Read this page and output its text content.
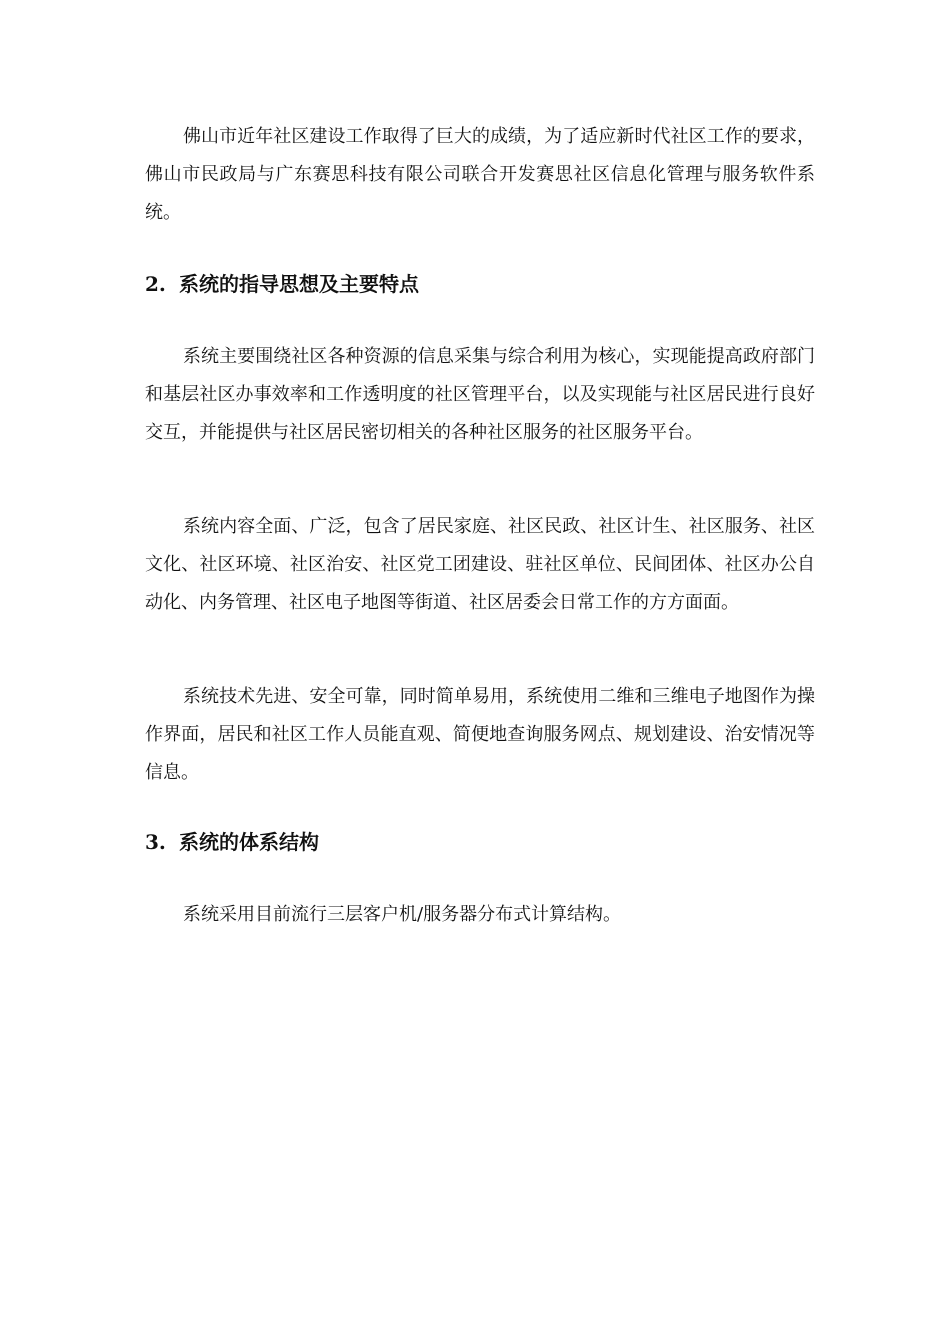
佛山市近年社区建设工作取得了巨大的成绩，为了适应新时代社区工作的要求，佛山市民政局与广东赛思科技有限公司联合开发赛思社区信息化管理与服务软件系统。

2. 系统的指导思想及主要特点

系统主要围绕社区各种资源的信息采集与综合利用为核心，实现能提高政府部门和基层社区办事效率和工作透明度的社区管理平台，以及实现能与社区居民进行良好交互，并能提供与社区居民密切相关的各种社区服务的社区服务平台。

系统内容全面、广泛，包含了居民家庭、社区民政、社区计生、社区服务、社区文化、社区环境、社区治安、社区党工团建设、驻社区单位、民间团体、社区办公自动化、内务管理、社区电子地图等街道、社区居委会日常工作的方方面面。

系统技术先进、安全可靠，同时简单易用，系统使用二维和三维电子地图作为操作界面，居民和社区工作人员能直观、简便地查询服务网点、规划建设、治安情况等信息。

3. 系统的体系结构

系统采用目前流行三层客户机/服务器分布式计算结构。
